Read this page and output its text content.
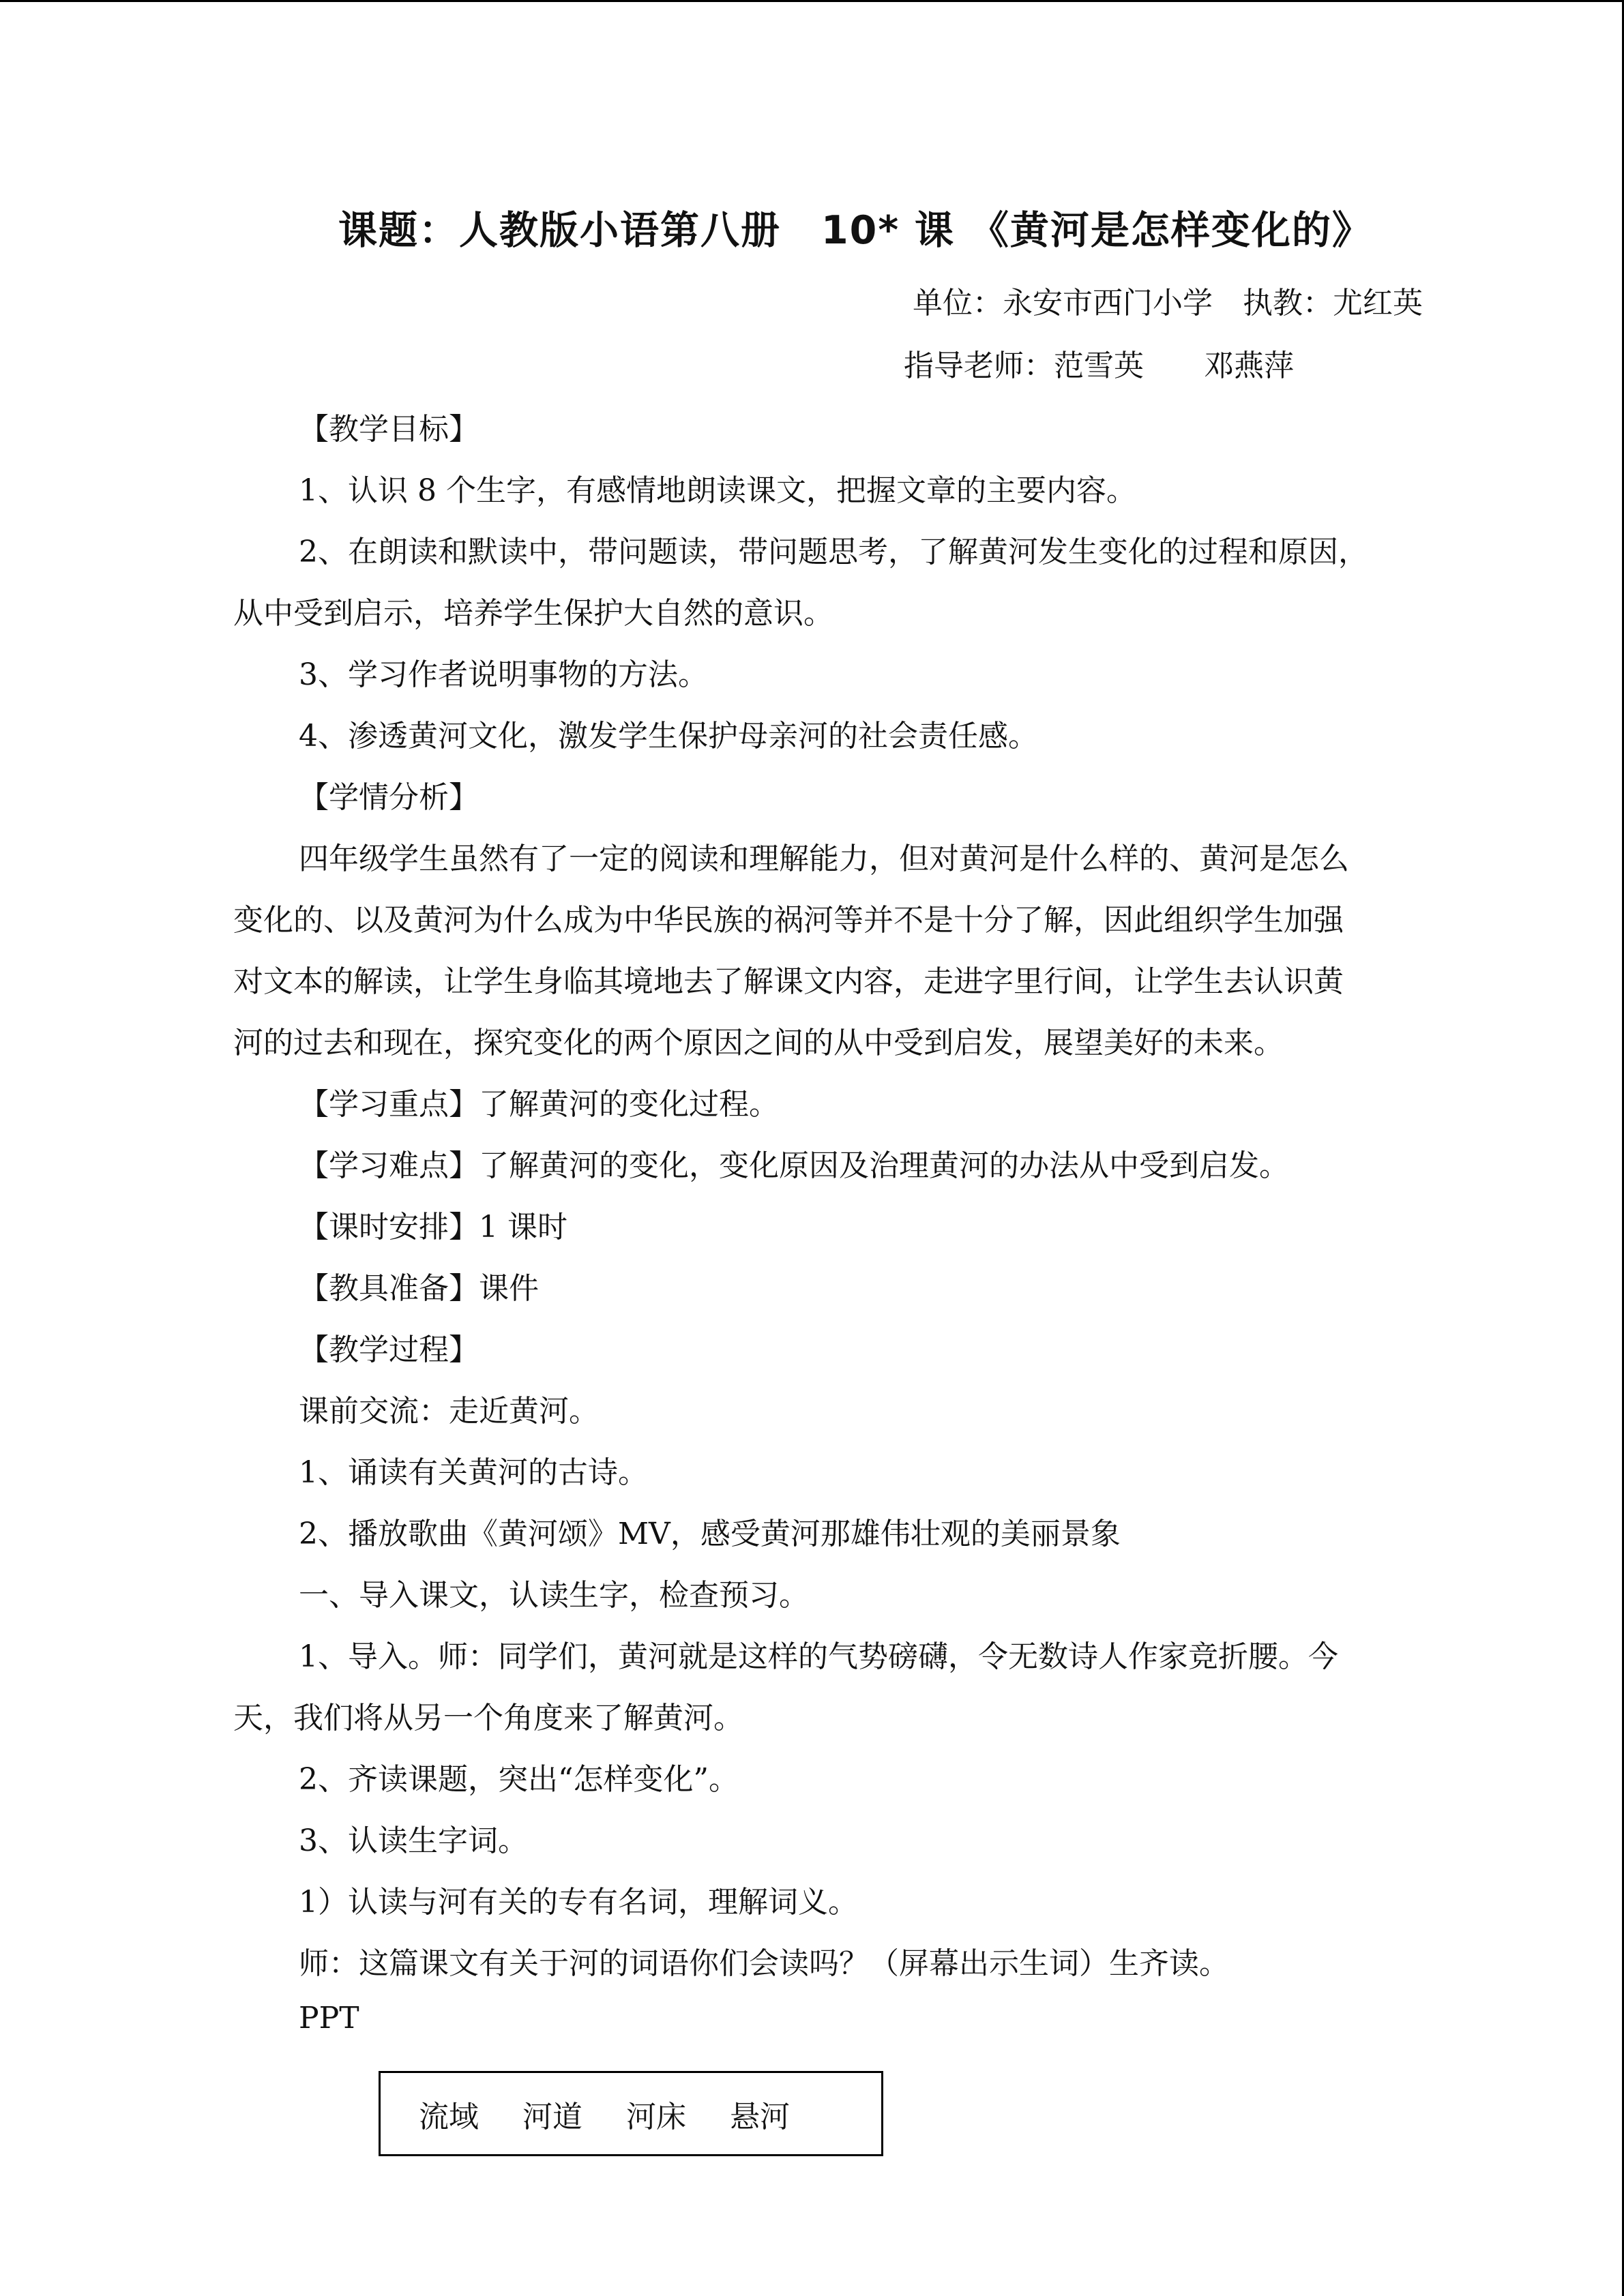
课题：人教版小语第八册　10* 课 《黄河是怎样变化的》
单位：永安市西门小学　执教：尤红英
指导老师：范雪英　　邓燕萍

【教学目标】

1、认识 8 个生字，有感情地朗读课文，把握文章的主要内容。

2、在朗读和默读中，带问题读，带问题思考，了解黄河发生变化的过程和原因，

从中受到启示，培养学生保护大自然的意识。

3、学习作者说明事物的方法。

4、渗透黄河文化，激发学生保护母亲河的社会责任感。

【学情分析】

四年级学生虽然有了一定的阅读和理解能力，但对黄河是什么样的、黄河是怎么

变化的、以及黄河为什么成为中华民族的祸河等并不是十分了解，因此组织学生加强

对文本的解读，让学生身临其境地去了解课文内容，走进字里行间，让学生去认识黄

河的过去和现在，探究变化的两个原因之间的从中受到启发，展望美好的未来。

【学习重点】了解黄河的变化过程。

【学习难点】了解黄河的变化，变化原因及治理黄河的办法从中受到启发。

【课时安排】1 课时

【教具准备】课件

【教学过程】

课前交流：走近黄河。

1、诵读有关黄河的古诗。

2、播放歌曲《黄河颂》MV，感受黄河那雄伟壮观的美丽景象

一、导入课文，认读生字，检查预习。

1、导入。师：同学们，黄河就是这样的气势磅礴，令无数诗人作家竞折腰。今

天，我们将从另一个角度来了解黄河。

2、齐读课题，突出“怎样变化”。

3、认读生字词。

1）认读与河有关的专有名词，理解词义。

师：这篇课文有关于河的词语你们会读吗？（屏幕出示生词）生齐读。

PPT

流域 河道 河床 悬河
